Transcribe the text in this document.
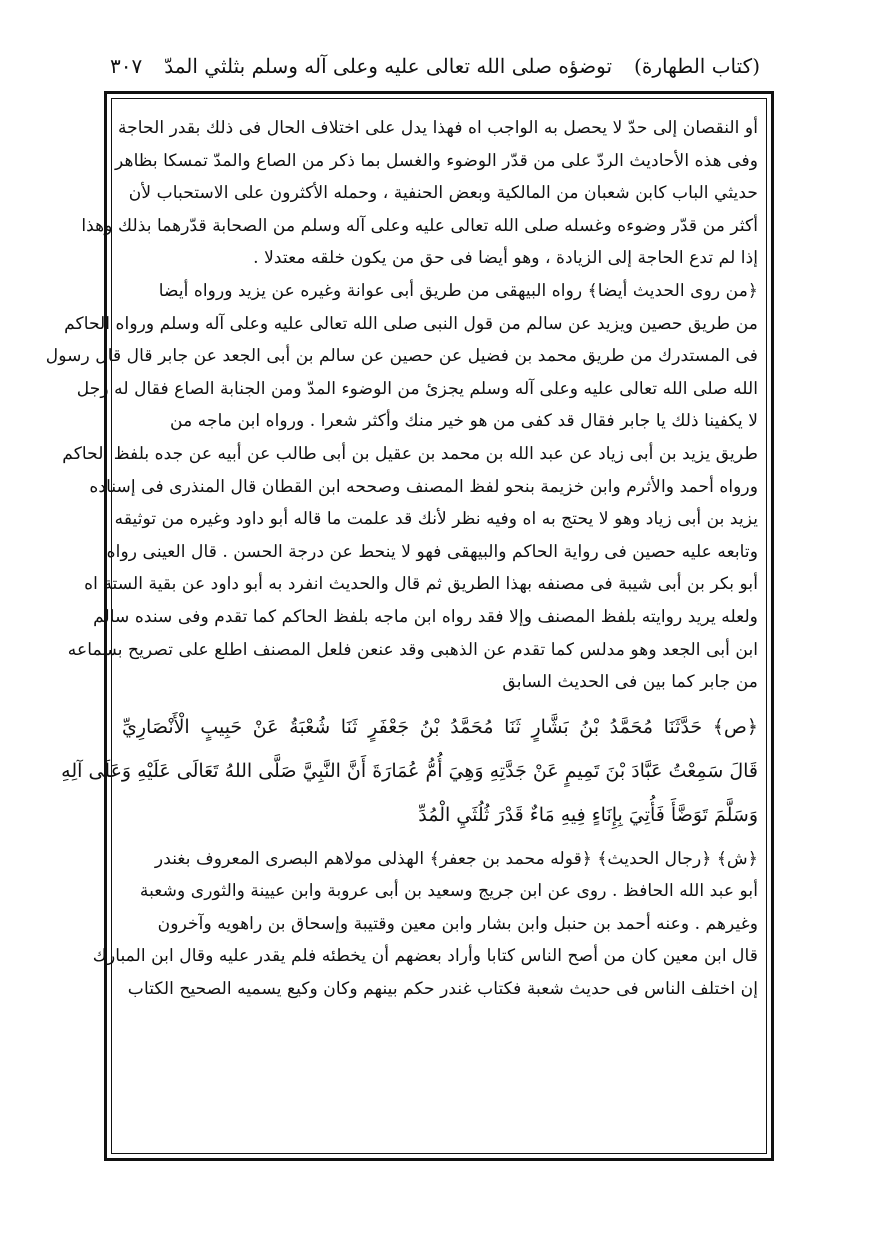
(كتاب الطهارة)
توضؤه صلى الله تعالى عليه وعلى آله وسلم بثلثي المدّ
٣٠٧
أو النقصان إلى حدّ لا يحصل به الواجب اه فهذا يدل على اختلاف الحال فى ذلك بقدر الحاجة
وفى هذه الأحاديث الردّ على من قدّر الوضوء والغسل بما ذكر من الصاع والمدّ تمسكا بظاهر
حديثي الباب كابن شعبان من المالكية وبعض الحنفية ، وحمله الأكثرون على الاستحباب لأن
أكثر من قدّر وضوءه وغسله صلى الله تعالى عليه وعلى آله وسلم من الصحابة قدّرهما بذلك وهذا
إذا لم تدع الحاجة إلى الزيادة ، وهو أيضا فى حق من يكون خلقه معتدلا .
﴿من روى الحديث أيضا﴾ رواه البيهقى من طريق أبى عوانة وغيره عن يزيد ورواه أيضا
من طريق حصين ويزيد عن سالم من قول النبى صلى الله تعالى عليه وعلى آله وسلم ورواه الحاكم
فى المستدرك من طريق محمد بن فضيل عن حصين عن سالم بن أبى الجعد عن جابر قال قال رسول
الله صلى الله تعالى عليه وعلى آله وسلم يجزئ من الوضوء المدّ ومن الجنابة الصاع فقال له رجل
لا يكفينا ذلك يا جابر فقال قد كفى من هو خير منك وأكثر شعرا . ورواه ابن ماجه من
طريق يزيد بن أبى زياد عن عبد الله بن محمد بن عقيل بن أبى طالب عن أبيه عن جده بلفظ الحاكم
ورواه أحمد والأثرم وابن خزيمة بنحو لفظ المصنف وصححه ابن القطان قال المنذرى فى إسناده
يزيد بن أبى زياد وهو لا يحتج به اه وفيه نظر لأنك قد علمت ما قاله أبو داود وغيره من توثيقه
وتابعه عليه حصين فى رواية الحاكم والبيهقى فهو لا ينحط عن درجة الحسن . قال العينى رواه
أبو بكر بن أبى شيبة فى مصنفه بهذا الطريق ثم قال والحديث انفرد به أبو داود عن بقية الستة اه
ولعله يريد روايته بلفظ المصنف وإلا فقد رواه ابن ماجه بلفظ الحاكم كما تقدم وفى سنده سالم
ابن أبى الجعد وهو مدلس كما تقدم عن الذهبى وقد عنعن فلعل المصنف اطلع على تصريح بسماعه
من جابر كما بين فى الحديث السابق
﴿ص﴾ حَدَّثَنَا مُحَمَّدُ بْنُ بَشَّارٍ ثَنَا مُحَمَّدُ بْنُ جَعْفَرٍ ثَنَا شُعْبَةُ عَنْ حَبِيبٍ الْأَنْصَارِيِّ
قَالَ سَمِعْتُ عَبَّادَ بْنَ تَمِيمٍ عَنْ جَدَّتِهِ وَهِيَ أُمُّ عُمَارَةَ أَنَّ النَّبِيَّ صَلَّى اللهُ تَعَالَى عَلَيْهِ وَعَلَى آلِهِ
وَسَلَّمَ تَوَضَّأَ فَأُتِيَ بِإِنَاءٍ فِيهِ مَاءٌ قَدْرَ ثُلُثَيِ الْمُدِّ
﴿ش﴾ ﴿رجال الحديث﴾ ﴿قوله محمد بن جعفر﴾ الهذلى مولاهم البصرى المعروف بغندر
أبو عبد الله الحافظ . روى عن ابن جريج وسعيد بن أبى عروبة وابن عيينة والثورى وشعبة
وغيرهم . وعنه أحمد بن حنبل وابن بشار وابن معين وقتيبة وإسحاق بن راهويه وآخرون
قال ابن معين كان من أصح الناس كتابا وأراد بعضهم أن يخطئه فلم يقدر عليه وقال ابن المبارك
إن اختلف الناس فى حديث شعبة فكتاب غندر حكم بينهم وكان وكيع يسميه الصحيح الكتاب
